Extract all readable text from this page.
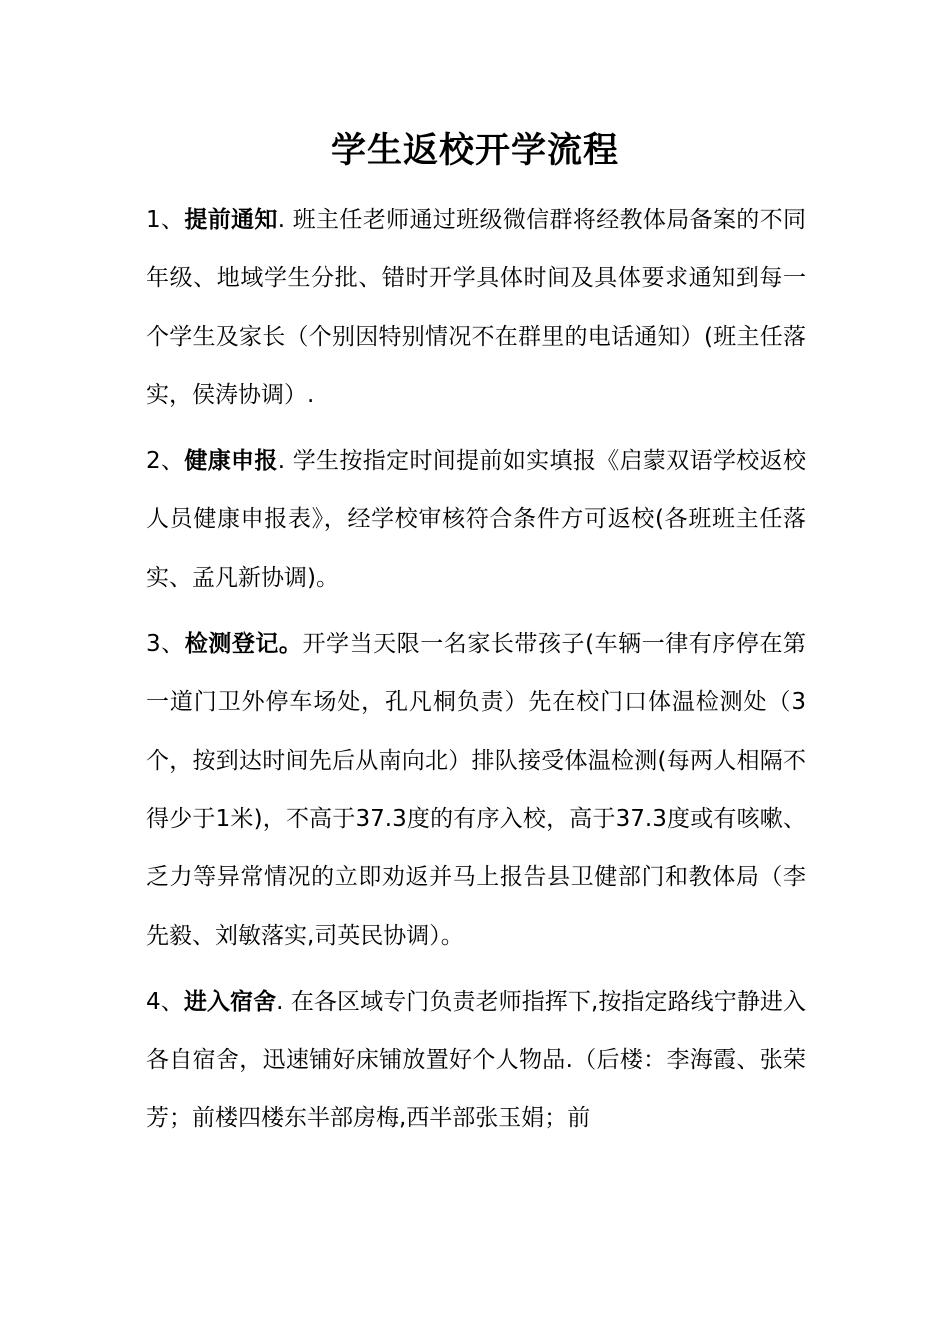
学生返校开学流程

1、提前通知. 班主任老师通过班级微信群将经教体局备案的不同年级、地域学生分批、错时开学具体时间及具体要求通知到每一个学生及家长（个别因特别情况不在群里的电话通知）(班主任落实，侯涛协调）.

2、健康申报. 学生按指定时间提前如实填报《启蒙双语学校返校人员健康申报表》，经学校审核符合条件方可返校(各班班主任落实、孟凡新协调)。

3、检测登记。开学当天限一名家长带孩子(车辆一律有序停在第一道门卫外停车场处，孔凡桐负责）先在校门口体温检测处（3个，按到达时间先后从南向北）排队接受体温检测(每两人相隔不得少于1米)，不高于37.3度的有序入校，高于37.3度或有咳嗽、乏力等异常情况的立即劝返并马上报告县卫健部门和教体局（李先毅、刘敏落实,司英民协调）。

4、进入宿舍. 在各区域专门负责老师指挥下,按指定路线宁静进入各自宿舍，迅速铺好床铺放置好个人物品.（后楼：李海霞、张荣芳；前楼四楼东半部房梅,西半部张玉娟；前
